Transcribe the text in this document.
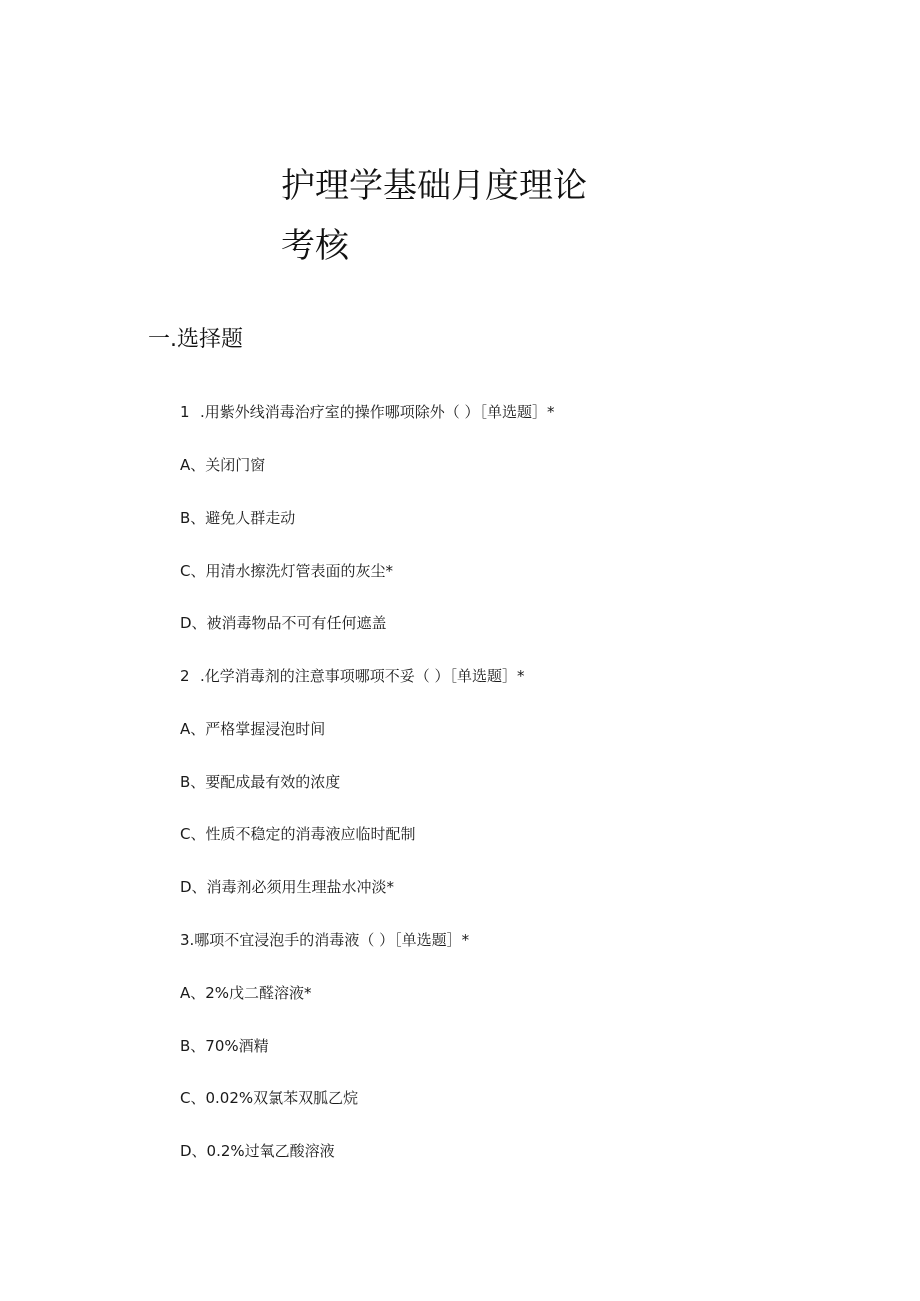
护理学基础月度理论
考核
一.选择题
1 .用紫外线消毒治疗室的操作哪项除外（ ）［单选题］*
A、关闭门窗
B、避免人群走动
C、用清水擦洗灯管表面的灰尘*
D、被消毒物品不可有任何遮盖
2 .化学消毒剂的注意事项哪项不妥（ ）［单选题］*
A、严格掌握浸泡时间
B、要配成最有效的浓度
C、性质不稳定的消毒液应临时配制
D、消毒剂必须用生理盐水冲淡*
3.哪项不宜浸泡手的消毒液（ ）［单选题］*
A、2%戊二醛溶液*
B、70%酒精
C、0.02%双氯苯双胍乙烷
D、0.2%过氧乙酸溶液
